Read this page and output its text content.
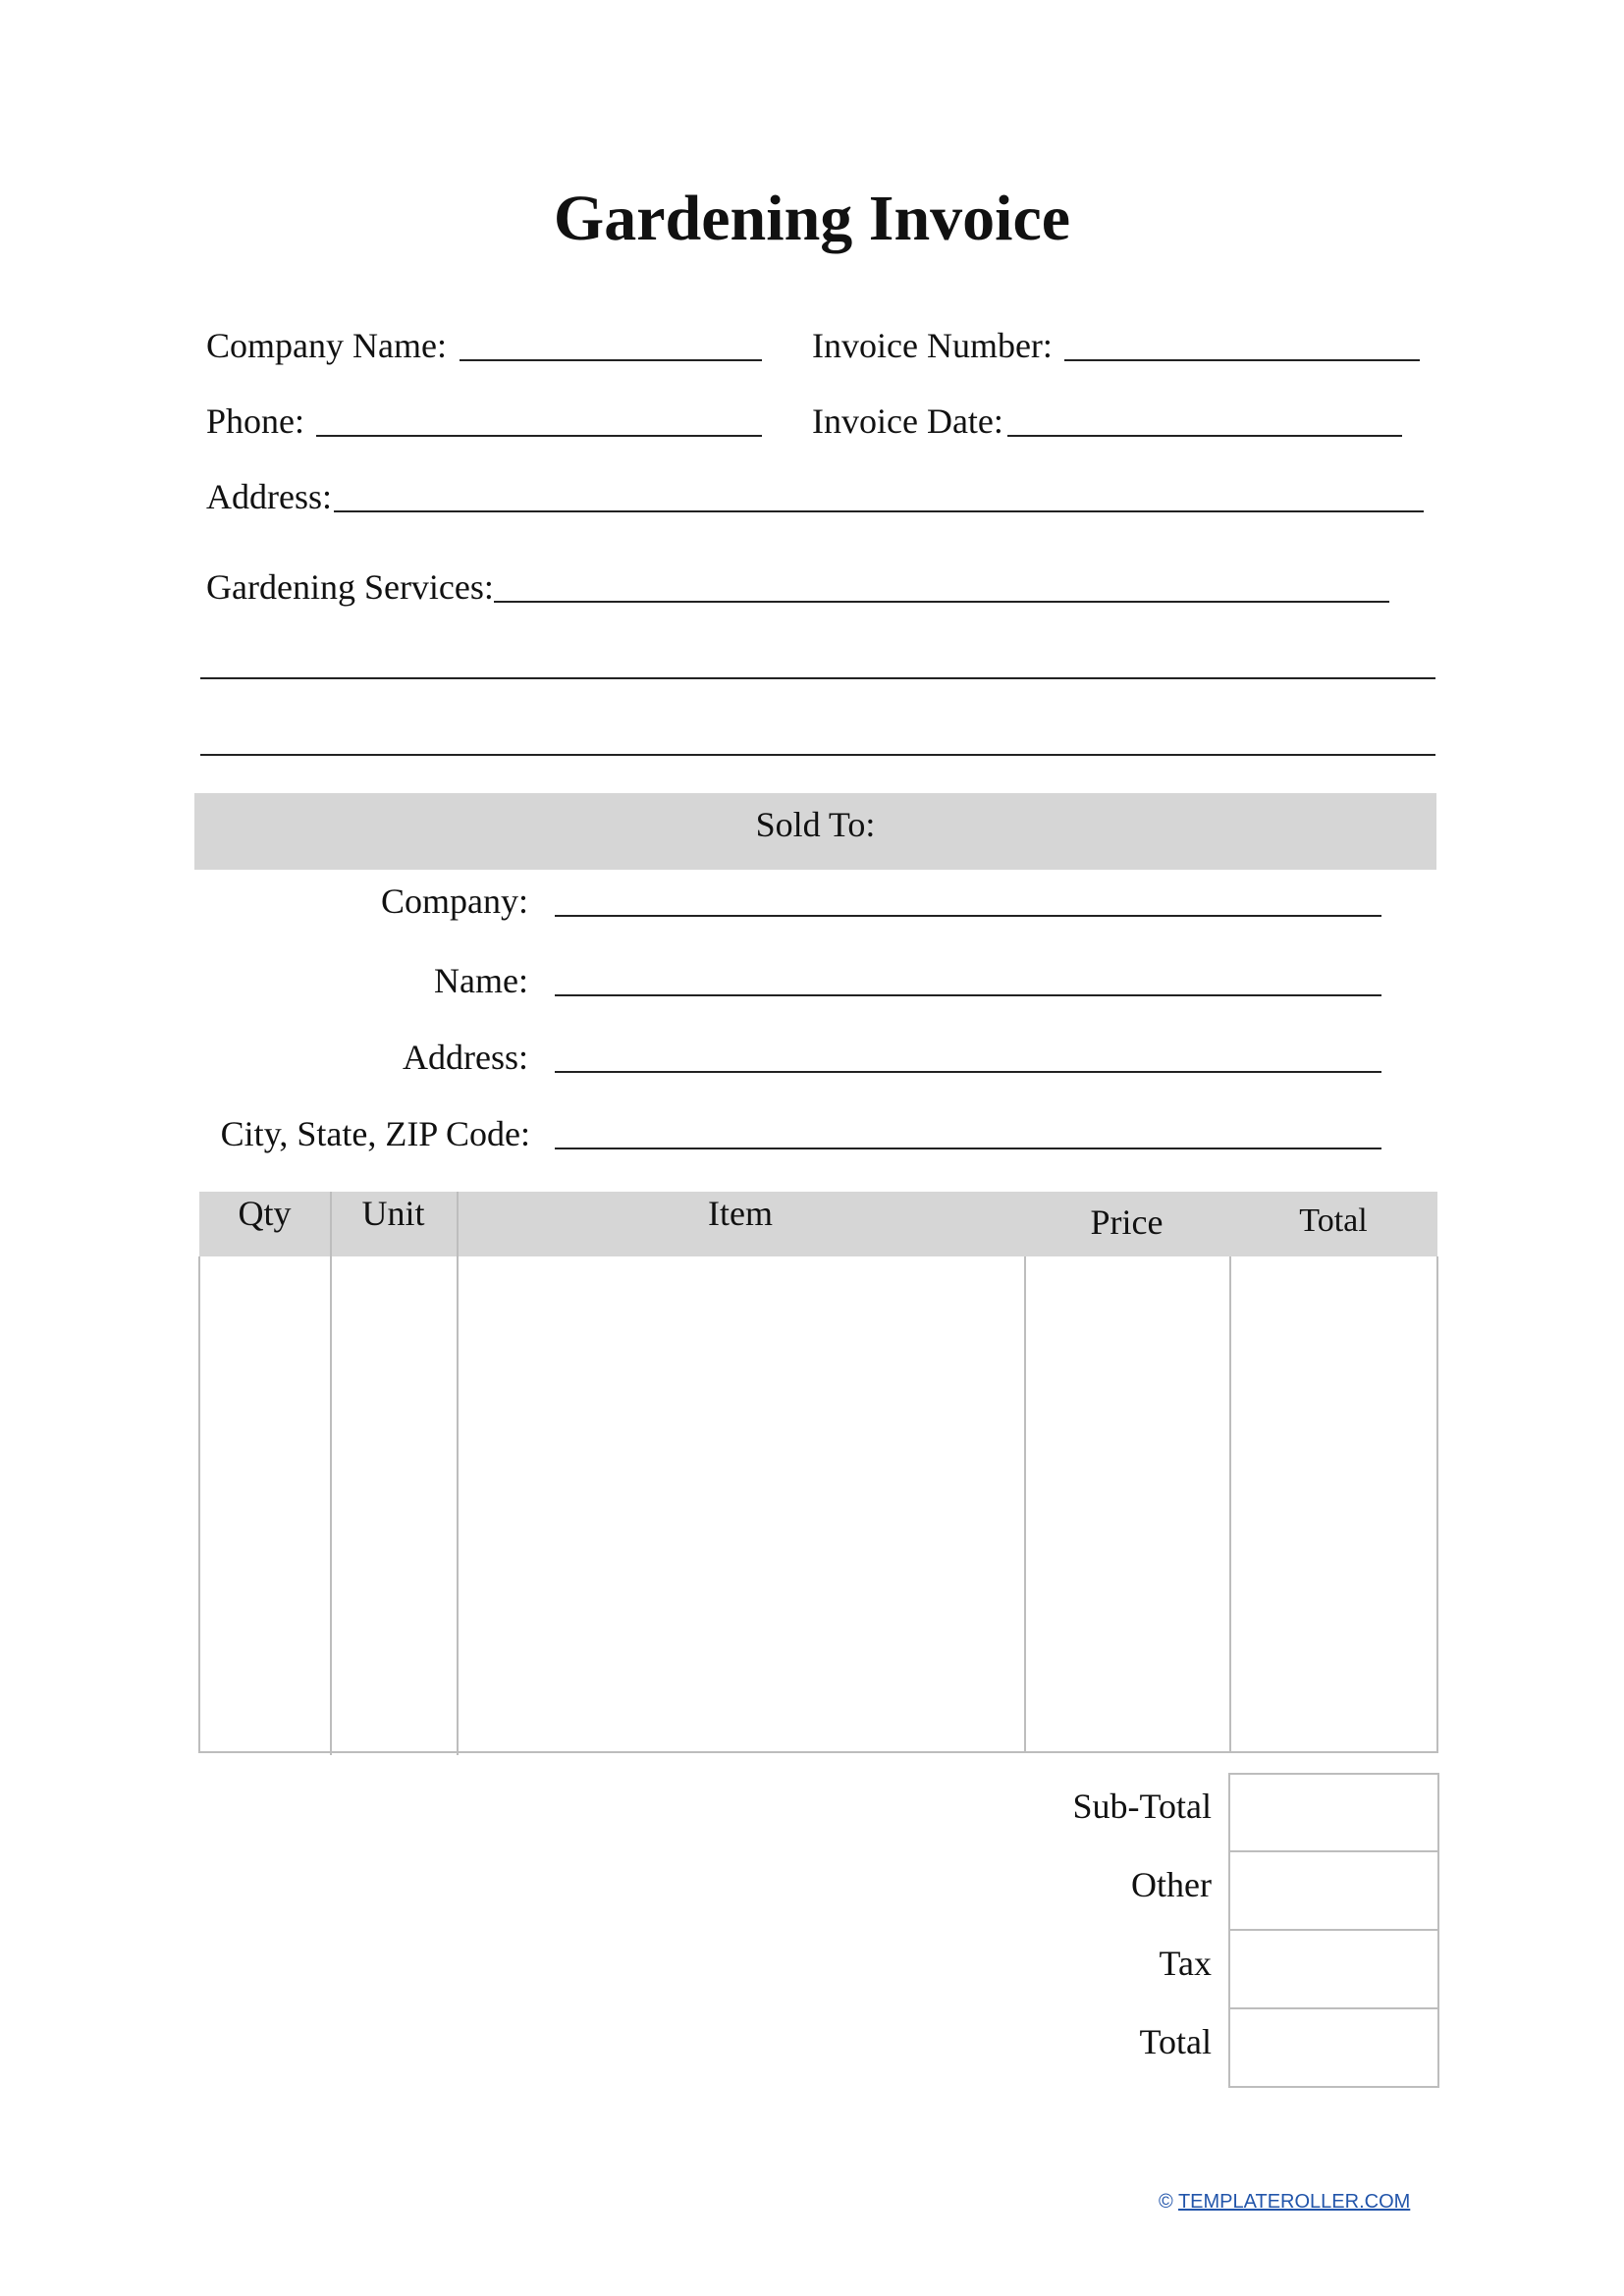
Gardening Invoice
Company Name:	Invoice Number:
Phone:	Invoice Date:
Address:
Gardening Services:
Sold To:
Company:
Name:
Address:
City, State, ZIP Code:
Qty	Unit	Item	Price	Total
Sub-Total
Other
Tax
Total
© TEMPLATEROLLER.COM
